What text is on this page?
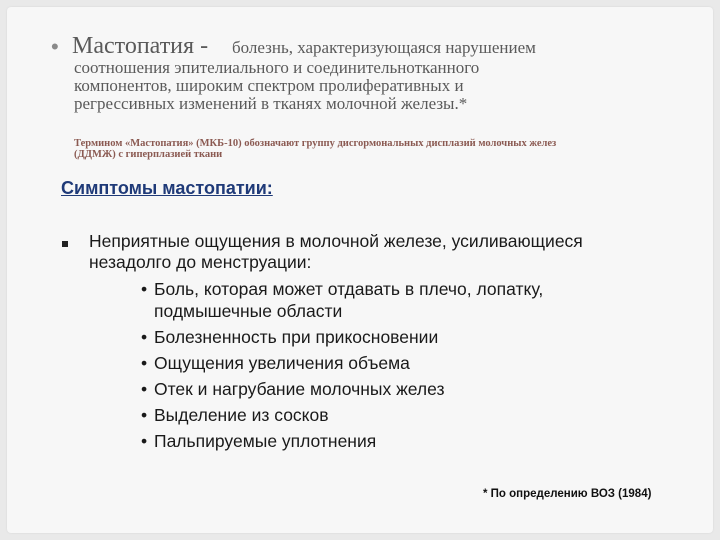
• Мастопатия - болезнь, характеризующаяся нарушением
соотношения эпителиального и соединительнотканного
компонентов, широким спектром пролиферативных и
регрессивных изменений в тканях молочной железы.*
Термином «Мастопатия» (МКБ-10) обозначают группу дисгормональных дисплазий молочных желез
(ДДМЖ) с гиперплазией ткани
Симптомы мастопатии:
Неприятные ощущения в молочной железе, усиливающиеся
незадолго до менструации:
• Боль, которая может отдавать в плечо, лопатку,
подмышечные области
• Болезненность при прикосновении
• Ощущения увеличения объема
• Отек и нагрубание молочных желез
• Выделение из сосков
• Пальпируемые уплотнения
* По определению ВОЗ (1984)
